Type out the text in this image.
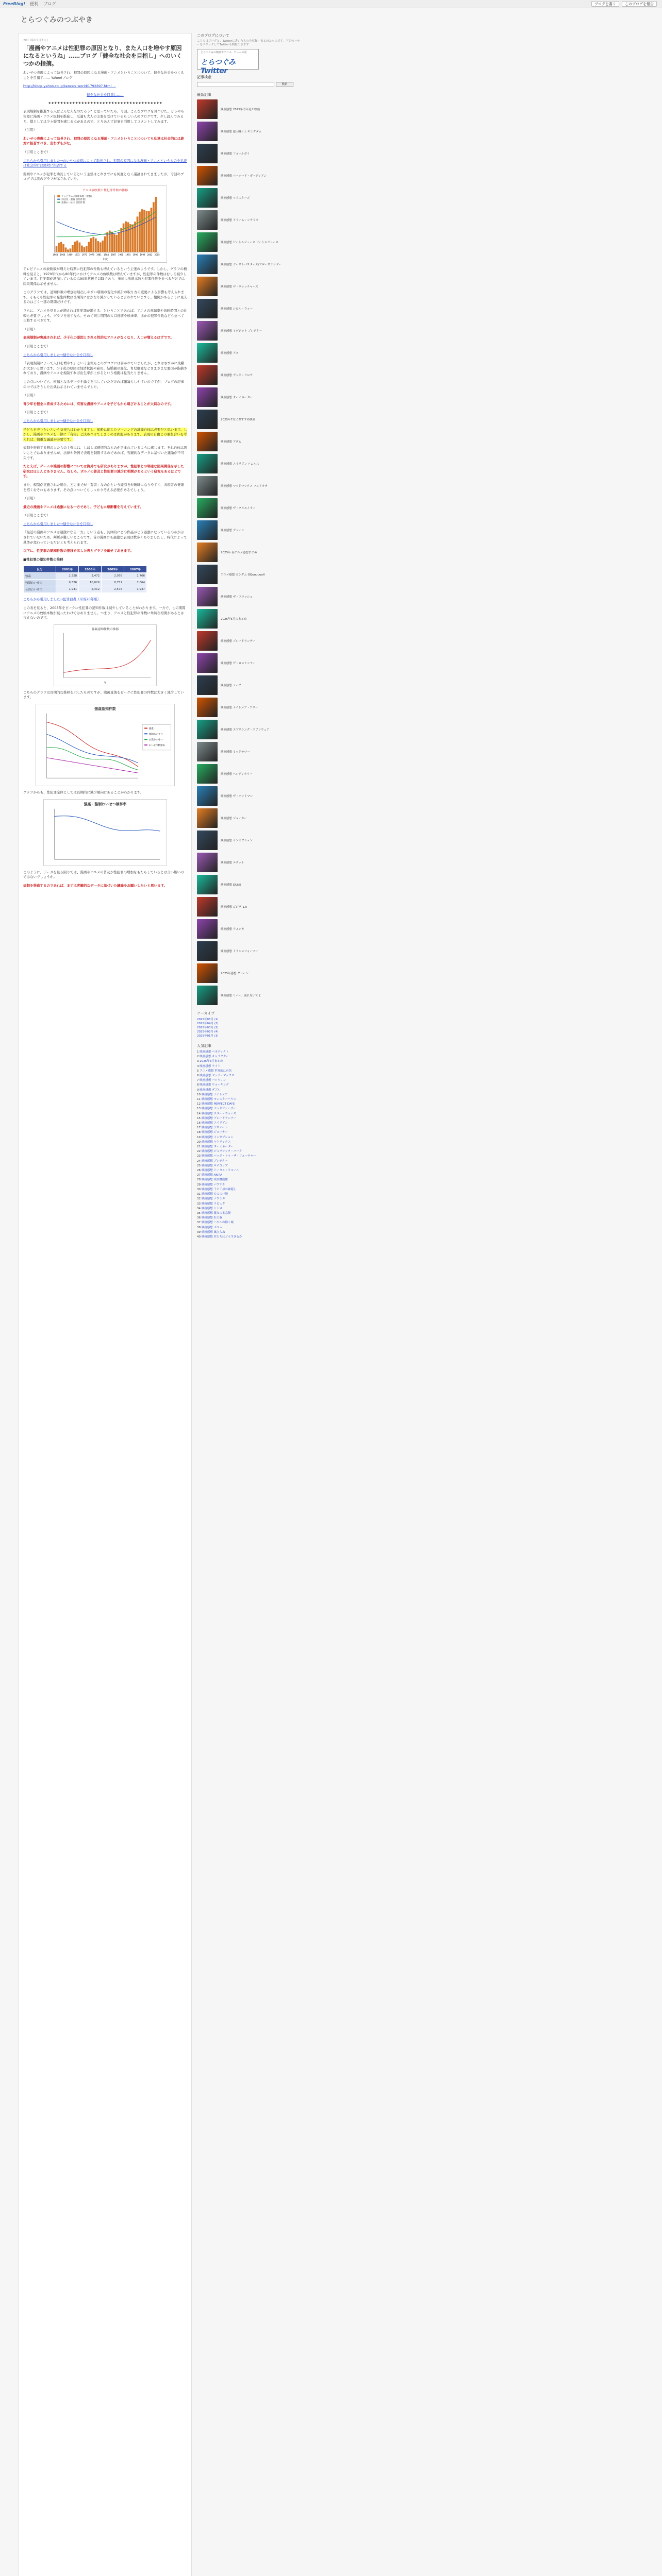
FreeBlog! 便利 ブログ	ブログを書く	このブログを報告
とらつぐみのつぶやき
2011年01月31日
「漫画やアニメは性犯罪の原因となり、また人口を増やす原因になるというね」……ブログ「健全な社会を目指し」へのいくつかの指摘。
わいせつ表現によって助長され、犯罪の原因になる漫画・アニメということについて、健全な社会をつくることを目指す…… Yahoo!ブログ
http://blogs.yahoo.co.jp/kenzen_world/1792897.html ...
健全な社会を目指し……
★★★★★★★★★★★★★★★★★★★★★★★★★★★★★★★★★★★★★★
表現規制を推進する人はどんな人なのだろう？と思っていたら、今回、こんなブログを見つけた。どうやら実際に漫画・アニメ規制を推進し、反論も大人の主張を受けているらしい人のブログです。少し読んでみると、僕としては少々疑問を感じる点があるので、とりあえず記事を引用してコメントしてみます。
（引用）
わいせつ表現によって助長され、犯罪の原因になる漫画・アニメということについても私達は社会的には絶対に拒否すべき、言わずもがな。
（引用ここまで）
こちらから引用しました→わいせつ表現によって助長され、犯罪の原因になる漫画・アニメというものを私達は社会的には絶対に拒否する
漫画やアニメが犯罪を助長しているという主張はこれまでにも何度となく議論されてきましたが、今回のブログでは次のグラフが示されていた。
アニメ放映数と性犯罪件数の推移
テレビアニメ放映本数（総数）
刑法犯（強姦 認知件数）
強制わいせつ 認知件数
1963 1966 1969 1972 1975 1978 1981 1984 1987 1990 1993 1996 1999 2002 2005
年度
テレビアニメの放映数が増えた時期に性犯罪の件数も増えているという主張のようです。しかし、グラフの横軸を見ると、1970年代から80年代にかけてアニメの放映数は増えていますが、性犯罪の件数はむしろ減少しています。性犯罪が増加しているのは90年代後半以降であり、単純に放映本数と犯罪件数を並べるだけでは因果関係は示せません。
このグラフでは、認知件数の増加は届出しやすい環境の変化や統計の取り方の変更による影響も考えられます。そもそも性犯罪の発生件数は長期的にはかなり減少していると言われていますし、相関があるように見えるのはごく一部の期間だけです。
さらに、アニメを見る人が増えれば性犯罪が増える、ということであれば、アニメの視聴率や放映時間との比較も必要でしょう。グラフを出すなら、せめて同じ期間の人口推移や検挙率、ほかの犯罪件数なども並べて比較するべきです。
（引用）
表現規制が実施されれば、少子化の原因とされる性的なアニメがなくなり、人口が増えるはずです。
（引用ここまで）
こちらから引用しました→健全な社会を目指し
「表現規制によって人口を増やす」という主張もこのブログには書かれていましたが、これはさすがに飛躍が大きいと思います。少子化の原因は経済状況や雇用、結婚観の変化、育児環境などさまざまな要因が指摘されており、漫画やアニメを規制すれば出生率が上がるという根拠は見当たりません。
この点についても、根拠となるデータや論文を示していただければ議論もしやすいのですが、ブログの記事の中ではそうした出典は示されていませんでした。
（引用）
青少年を健全に育成するためには、有害な漫画やアニメを子どもから遠ざけることが大切なのです。
（引用ここまで）
こちらから引用しました→健全な社会を目指し
子どもを守りたいという気持ちはわかりますし、年齢に応じたゾーニングの議論自体は必要だと思います。しかし、漫画やアニメを一律に「有害」と決めつけてしまうのは問題があります。表現の自由との兼ね合いを考えれば、慎重な議論が必要です。
規制を推進する側の人たちの主張には、しばしば感情的なものが含まれているように感じます。それ自体は悪いことではありませんが、法律や条例で表現を制限するのであれば、客観的なデータに基づいた議論が不可欠です。
たとえば、ゲームや漫画の影響については海外でも研究がありますが、性犯罪との明確な因果関係を示した研究はほとんどありません。むしろ、ポルノの普及と性犯罪の減少に相関があるという研究もあるほどです。
また、規制が実施された場合、どこまでが「有害」なのかという線引きが曖昧になりやすく、表現者の萎縮を招くおそれもあります。その点についてもしっかり考える必要があるでしょう。
（引用）
最近の漫画やアニメは過激になる一方であり、子どもに悪影響を与えています。
（引用ここまで）
こちらから引用しました→健全な社会を目指し
「最近の漫画やアニメは過激になる一方」という点も、具体的にどの作品がどう過激になっているのかが示されていないため、判断が難しいところです。昔の漫画にも過激な表現は数多くありましたし、時代によって基準が変わっているだけとも考えられます。
以下に、性犯罪の認知件数の推移を示した表とグラフを載せておきます。
■性犯罪の認知件数の推移
区分	2001年	2003年	2005年	2007年
強姦	2,228	2,472	2,076	1,766
強制わいせつ	9,326	10,029	8,751	7,664
公然わいせつ	1,941	2,412	2,575	1,937
こちらから引用しました→犯罪白書（平成20年版）
この表を見ると、2003年をピークに性犯罪の認知件数は減少していることがわかります。一方で、この期間にアニメの放映本数が減ったわけではありません。つまり、アニメと性犯罪の件数に単純な相関があるとは言えないのです。
強姦認知件数の推移
年
こちらのグラフは長期的な推移を示したものですが、戦後直後をピークに性犯罪の件数は大きく減少しています。
強姦認知件数
強姦
強制わいせつ
公然わいせつ
わいせつ物頒布
グラフからも、性犯罪全体としては長期的に減少傾向にあることがわかります。
強姦・強制わいせつ検挙率
このように、データを見る限りでは、漫画やアニメの普及が性犯罪の増加をもたらしているとは言い難いのではないでしょうか。
規制を推進するのであれば、まずは客観的なデータに基づいた議論をお願いしたいと思います。
このブログについて
こちらはブログと、Twitterに書いたものを収録・まとめたものです。下記のバナーをクリックしてTwitterも閲覧できます
とらつぐみの映画やアニメ、ゲームの話
とらつぐみTwitter
記事検索
検索
最新記事
映画感想 2025年今年見た映画
映画感想 遊☆戯☆王 キングダム
映画感想 フォールガイ
映画感想 バーナード・ガーディアン
映画感想 ツイスターズ
映画感想 ドリーム・シナリオ
映画感想 ビートルジュース ビートルジュース
映画感想 ゴーストバスターズ/フローズンサマー
映画感想 ザ・ウォッチャーズ
映画感想 シビル・ウォー
映画感想 イグジット プレデター
映画感想 アス
映画感想 デッド・ドロウ
映画感想 ターミネーター
2025年7月におすすめ映画
映画感想 アダム
映画感想 エイリアン ロムルス
映画感想 マッドマックス フュリオサ
映画感想 ザ・クリエイター
映画感想 デューン
2025年 春アニメ感想まとめ
アニメ感想 ガンダム GQuuuuuuX
映画感想 ザ・フラッシュ
2025年5月のまとめ
映画感想 ブレードランナー
映画感想 ザ・ロストシティ
映画感想 ノープ
映画感想 ナイトメア・アリー
映画感想 エブリシング・エブリウェア
映画感想 ミッドサマー
映画感想 ヘレディタリー
映画感想 ザ・バットマン
映画感想 ジョーカー
映画感想 インセプション
映画感想 テネット
映画感想 DUNE
映画感想 ゴジラ-1.0
映画感想 ウォンカ
映画感想 トランスフォーマー
2025年感想 グリーン
映画感想 リバー、流れないでよ
アーカイブ
2025年05月 (1)
2025年04月 (3)
2025年03月 (2)
2025年02月 (4)
2025年01月 (3)
人気記事
1 映画感想 ベネディクト
2 映画感想 キャラクター
3 2025年3月まとめ
4 映画感想 ライト
5 アニメ感想 世界的に有名
6 映画感想 マッド・マックス
7 映画感想 ハロウィン
8 映画感想 ウォーキング
9 映画感想 ダブル
10 映画感想 ナイトメア
11 映画感想 モンスターハウス
12 映画感想 PERFECT DAYS
13 映画感想 ゴッドファーザー
14 映画感想 スター・ウォーズ
15 映画感想 ブレードランナー
16 映画感想 エイリアン
17 映画感想 デスノート
18 映画感想 ジョーカー
19 映画感想 インセプション
20 映画感想 マトリックス
21 映画感想 ターミネーター
22 映画感想 ジュラシック・パーク
23 映画感想 バック・トゥ・ザ・フューチャー
24 映画感想 プレデター
25 映画感想 ロボコップ
26 映画感想 トータル・リコール
27 映画感想 AKIRA
28 映画感想 攻殻機動隊
29 映画感想 パプリカ
30 映画感想 千と千尋の神隠し
31 映画感想 もののけ姫
32 映画感想 ナウシカ
33 映画感想 ラピュタ
34 映画感想 トトロ
35 映画感想 魔女の宅急便
36 映画感想 紅の豚
37 映画感想 ハウルの動く城
38 映画感想 ポニョ
39 映画感想 風立ちぬ
40 映画感想 君たちはどう生きるか
